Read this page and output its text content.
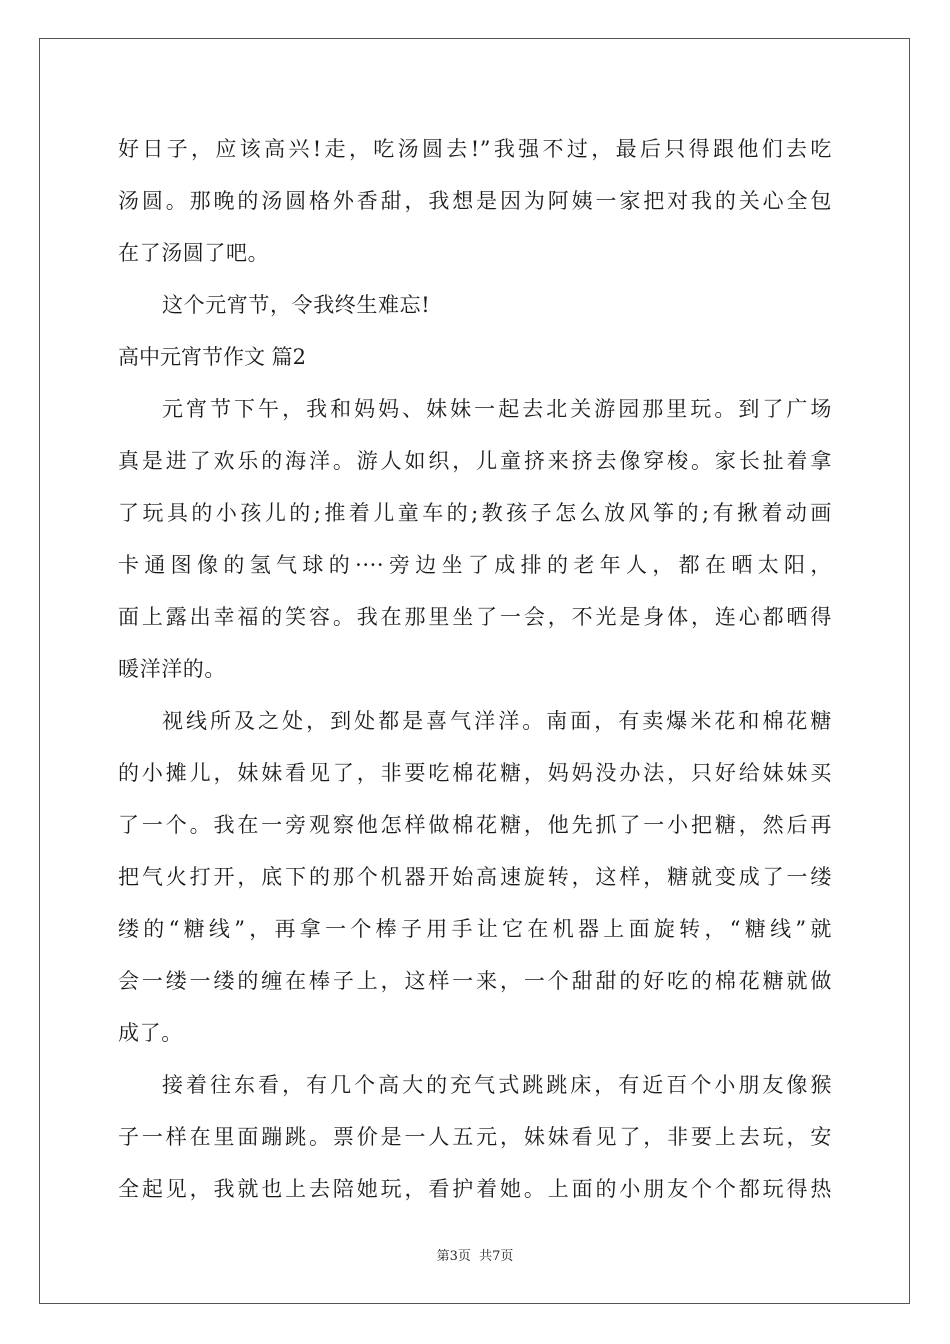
好日子，应该高兴!走，吃汤圆去!”我强不过，最后只得跟他们去吃
汤圆。那晚的汤圆格外香甜，我想是因为阿姨一家把对我的关心全包
在了汤圆了吧。
这个元宵节，令我终生难忘!
高中元宵节作文 篇2
元宵节下午，我和妈妈、妹妹一起去北关游园那里玩。到了广场
真是进了欢乐的海洋。游人如织，儿童挤来挤去像穿梭。家长扯着拿
了玩具的小孩儿的;推着儿童车的;教孩子怎么放风筝的;有揪着动画
卡通图像的氢气球的····旁边坐了成排的老年人，都在晒太阳，
面上露出幸福的笑容。我在那里坐了一会，不光是身体，连心都晒得
暖洋洋的。
视线所及之处，到处都是喜气洋洋。南面，有卖爆米花和棉花糖
的小摊儿，妹妹看见了，非要吃棉花糖，妈妈没办法，只好给妹妹买
了一个。我在一旁观察他怎样做棉花糖，他先抓了一小把糖，然后再
把气火打开，底下的那个机器开始高速旋转，这样，糖就变成了一缕
缕的“糖线”，再拿一个棒子用手让它在机器上面旋转，“糖线”就
会一缕一缕的缠在棒子上，这样一来，一个甜甜的好吃的棉花糖就做
成了。
接着往东看，有几个高大的充气式跳跳床，有近百个小朋友像猴
子一样在里面蹦跳。票价是一人五元，妹妹看见了，非要上去玩，安
全起见，我就也上去陪她玩，看护着她。上面的小朋友个个都玩得热
第3页 共7页
